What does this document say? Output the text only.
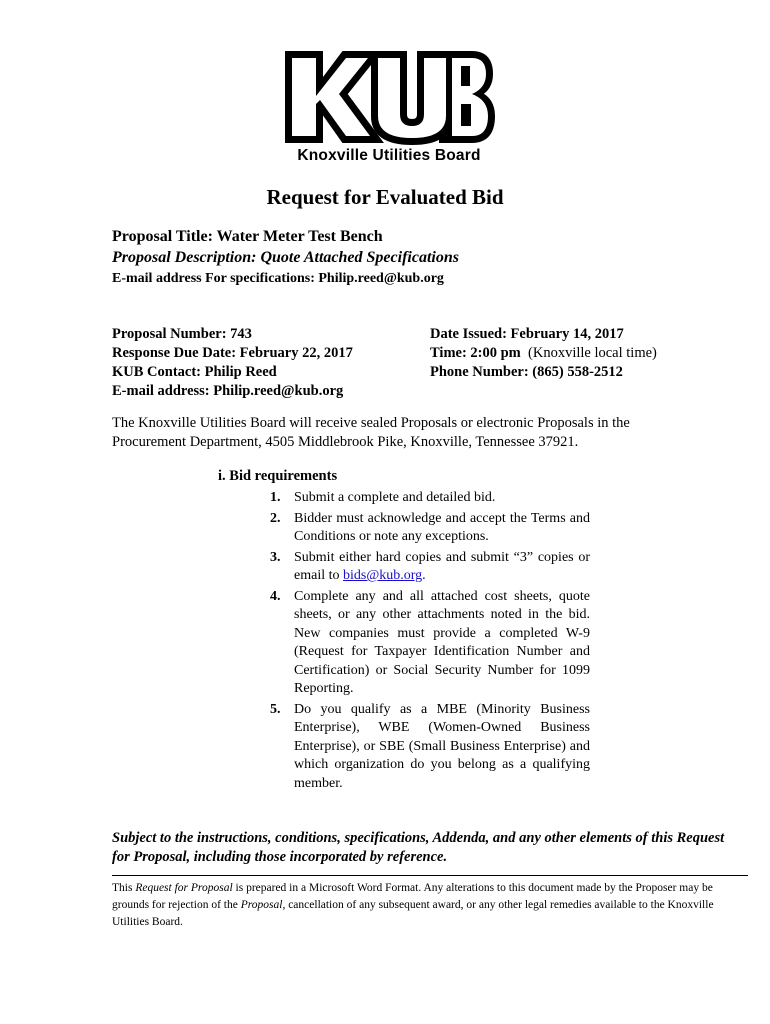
Knoxville Utilities Board
Request for Evaluated Bid
Proposal Title: Water Meter Test Bench
Proposal Description: Quote Attached Specifications
E-mail address For specifications: Philip.reed@kub.org
Proposal Number: 743
Response Due Date: February 22, 2017
KUB Contact: Philip Reed
E-mail address: Philip.reed@kub.org
Date Issued: February 14, 2017
Time: 2:00 pm (Knoxville local time)
Phone Number: (865) 558-2512
The Knoxville Utilities Board will receive sealed Proposals or electronic Proposals in the Procurement Department, 4505 Middlebrook Pike, Knoxville, Tennessee 37921.
i. Bid requirements
1. Submit a complete and detailed bid.
2. Bidder must acknowledge and accept the Terms and Conditions or note any exceptions.
3. Submit either hard copies and submit “3” copies or email to bids@kub.org.
4. Complete any and all attached cost sheets, quote sheets, or any other attachments noted in the bid. New companies must provide a completed W-9 (Request for Taxpayer Identification Number and Certification) or Social Security Number for 1099 Reporting.
5. Do you qualify as a MBE (Minority Business Enterprise), WBE (Women-Owned Business Enterprise), or SBE (Small Business Enterprise) and which organization do you belong as a qualifying member.
Subject to the instructions, conditions, specifications, Addenda, and any other elements of this Request for Proposal, including those incorporated by reference.
This Request for Proposal is prepared in a Microsoft Word Format. Any alterations to this document made by the Proposer may be grounds for rejection of the Proposal, cancellation of any subsequent award, or any other legal remedies available to the Knoxville Utilities Board.
